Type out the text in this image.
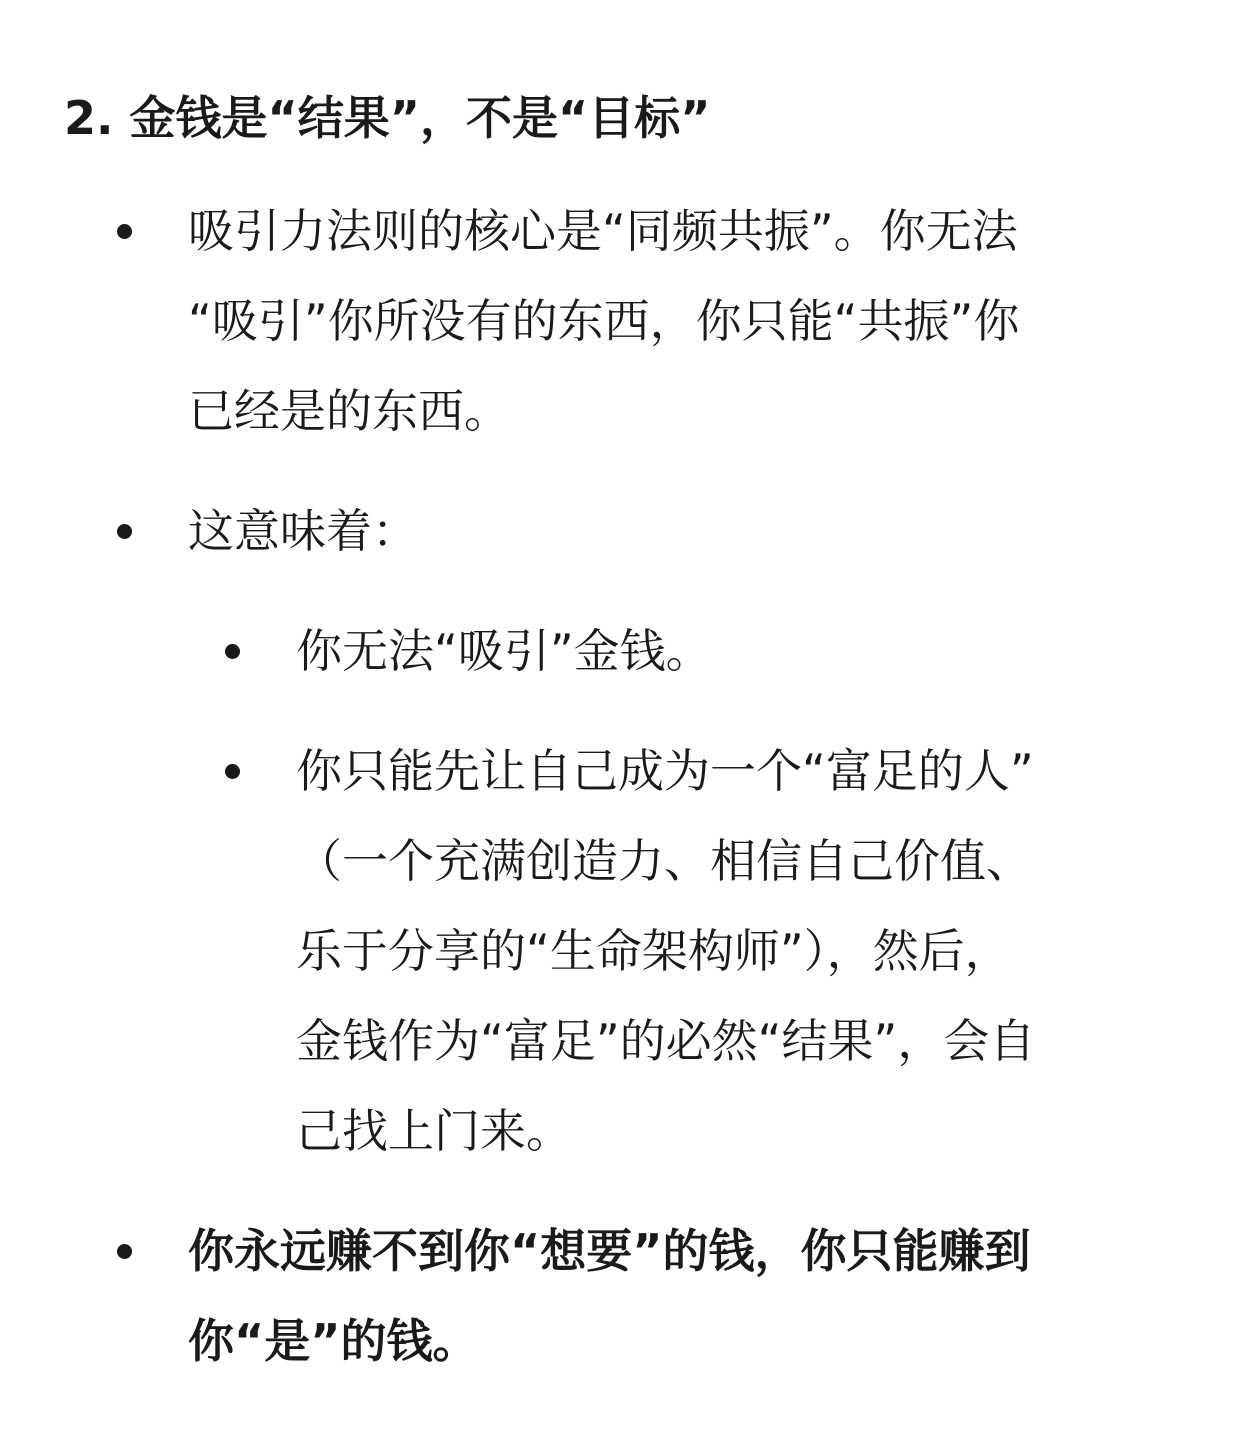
2. 金钱是“结果”，不是“目标”
吸引力法则的核心是“同频共振”。你无法
“吸引”你所没有的东西，你只能“共振”你
已经是的东西。
这意味着：
你无法“吸引”金钱。
你只能先让自己成为一个“富足的人”
（一个充满创造力、相信自己价值、
乐于分享的“生命架构师”），然后，
金钱作为“富足”的必然“结果”，会自
己找上门来。
你永远赚不到你“想要”的钱，你只能赚到
你“是”的钱。
